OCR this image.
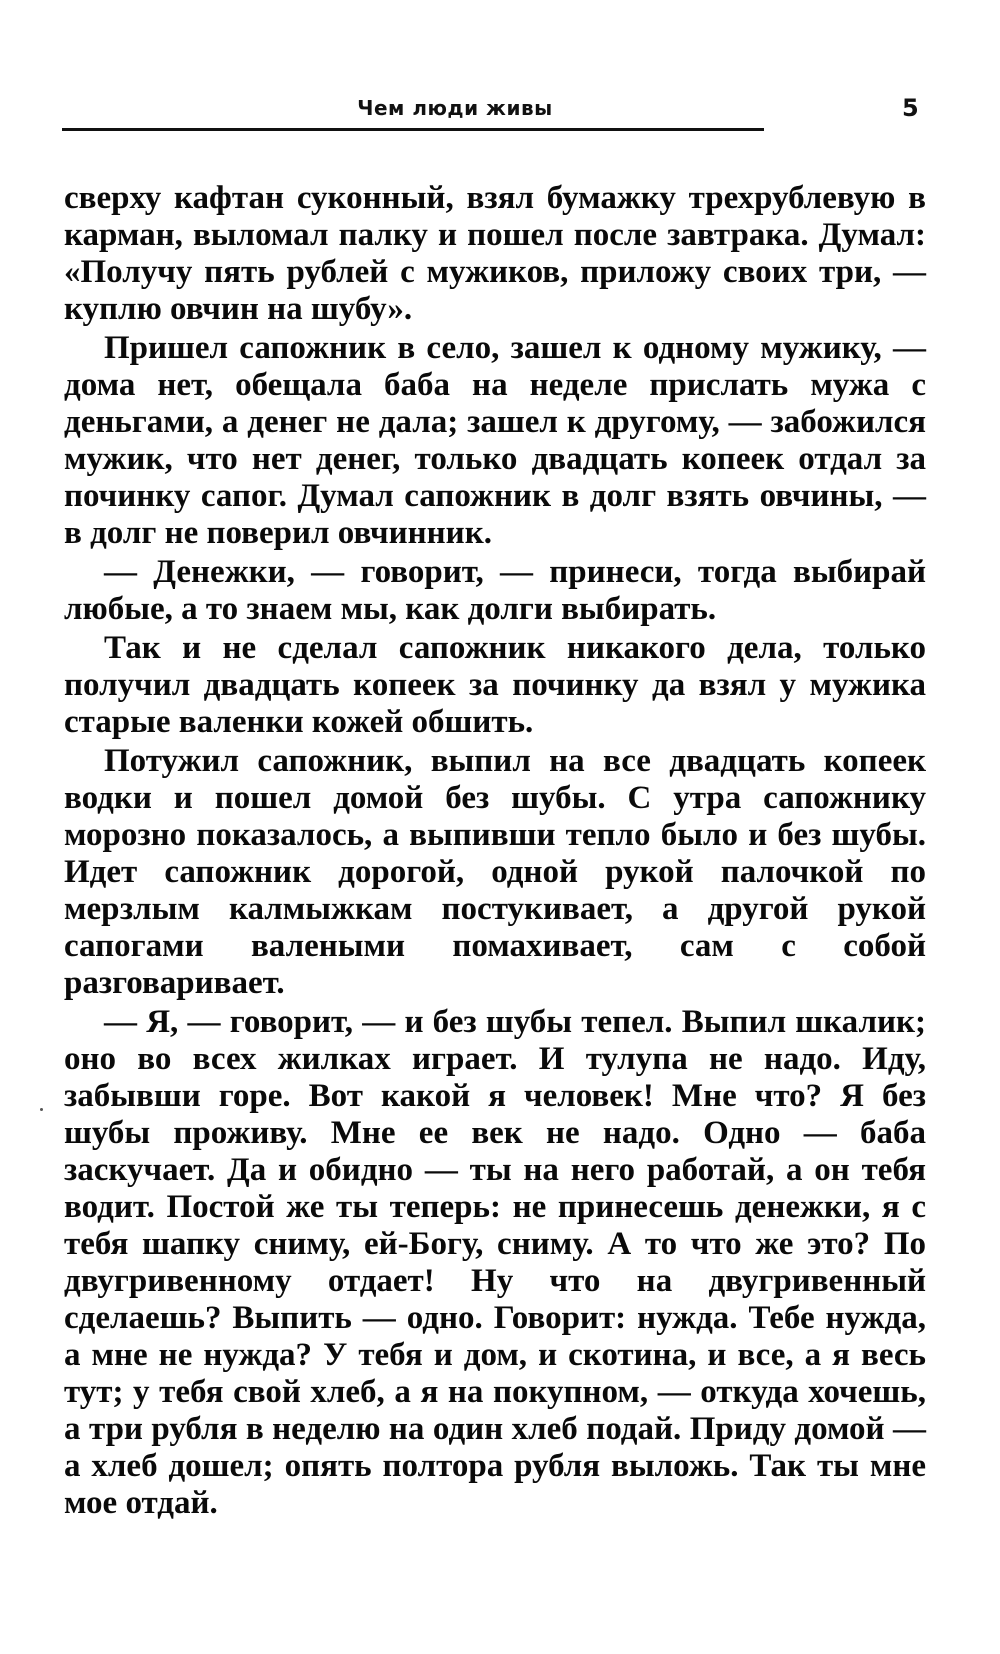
Чем люди живы	5

сверху кафтан суконный, взял бумажку трехрублевую в карман, выломал палку и пошел после завтрака. Думал: «Получу пять рублей с мужиков, приложу своих три, — куплю овчин на шубу».

Пришел сапожник в село, зашел к одному мужику, — дома нет, обещала баба на неделе прислать мужа с деньгами, а денег не дала; зашел к другому, — забожился мужик, что нет денег, только двадцать копеек отдал за починку сапог. Думал сапожник в долг взять овчины, — в долг не поверил овчинник.

— Денежки, — говорит, — принеси, тогда выбирай любые, а то знаем мы, как долги выбирать.

Так и не сделал сапожник никакого дела, только получил двадцать копеек за починку да взял у мужика старые валенки кожей обшить.

Потужил сапожник, выпил на все двадцать копеек водки и пошел домой без шубы. С утра сапожнику морозно показалось, а выпивши тепло было и без шубы. Идет сапожник дорогой, одной рукой палочкой по мерзлым калмыжкам постукивает, а другой рукой сапогами валеными помахивает, сам с собой разговаривает.

— Я, — говорит, — и без шубы тепел. Выпил шкалик; оно во всех жилках играет. И тулупа не надо. Иду, забывши горе. Вот какой я человек! Мне что? Я без шубы проживу. Мне ее век не надо. Одно — баба заскучает. Да и обидно — ты на него работай, а он тебя водит. Постой же ты теперь: не принесешь денежки, я с тебя шапку сниму, ей-Богу, сниму. А то что же это? По двугривенному отдает! Ну что на двугривенный сделаешь? Выпить — одно. Говорит: нужда. Тебе нужда, а мне не нужда? У тебя и дом, и скотина, и все, а я весь тут; у тебя свой хлеб, а я на покупном, — откуда хочешь, а три рубля в неделю на один хлеб подай. Приду домой — а хлеб дошел; опять полтора рубля выложь. Так ты мне мое отдай.
